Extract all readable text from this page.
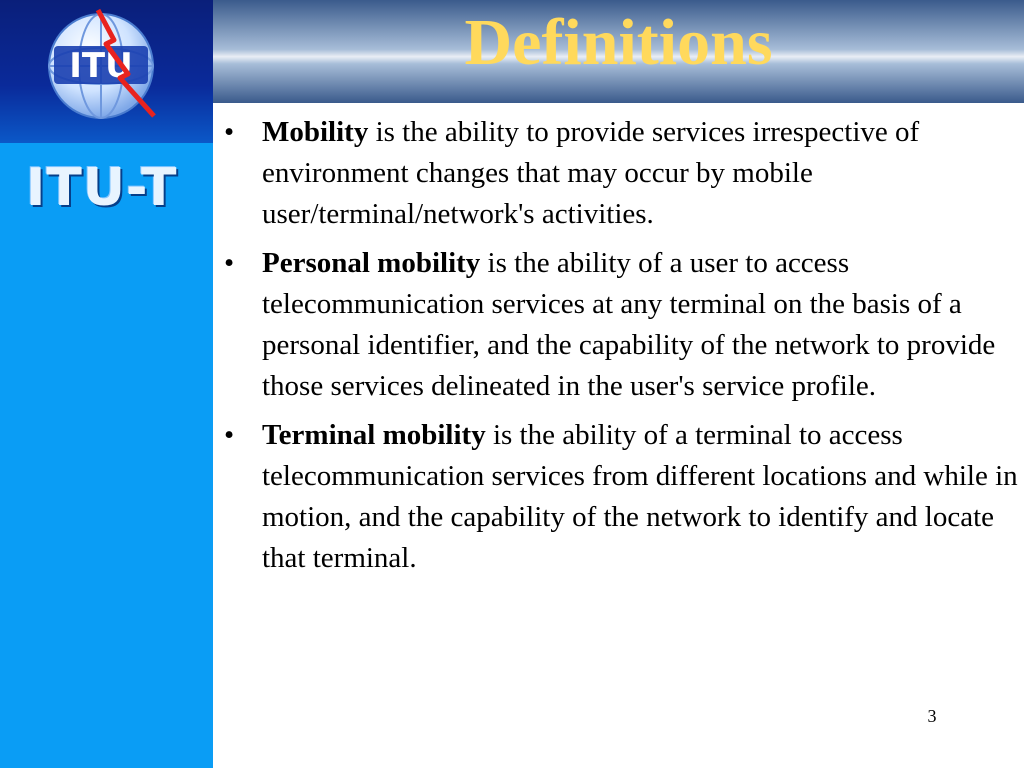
ITU
ITU-T
Definitions
• Mobility is the ability to provide services irrespective of environment changes that may occur by mobile user/terminal/network's activities.
• Personal mobility is the ability of a user to access telecommunication services at any terminal on the basis of a personal identifier, and the capability of the network to provide those services delineated in the user's service profile.
• Terminal mobility is the ability of a terminal to access telecommunication services from different locations and while in motion, and the capability of the network to identify and locate that terminal.
3
